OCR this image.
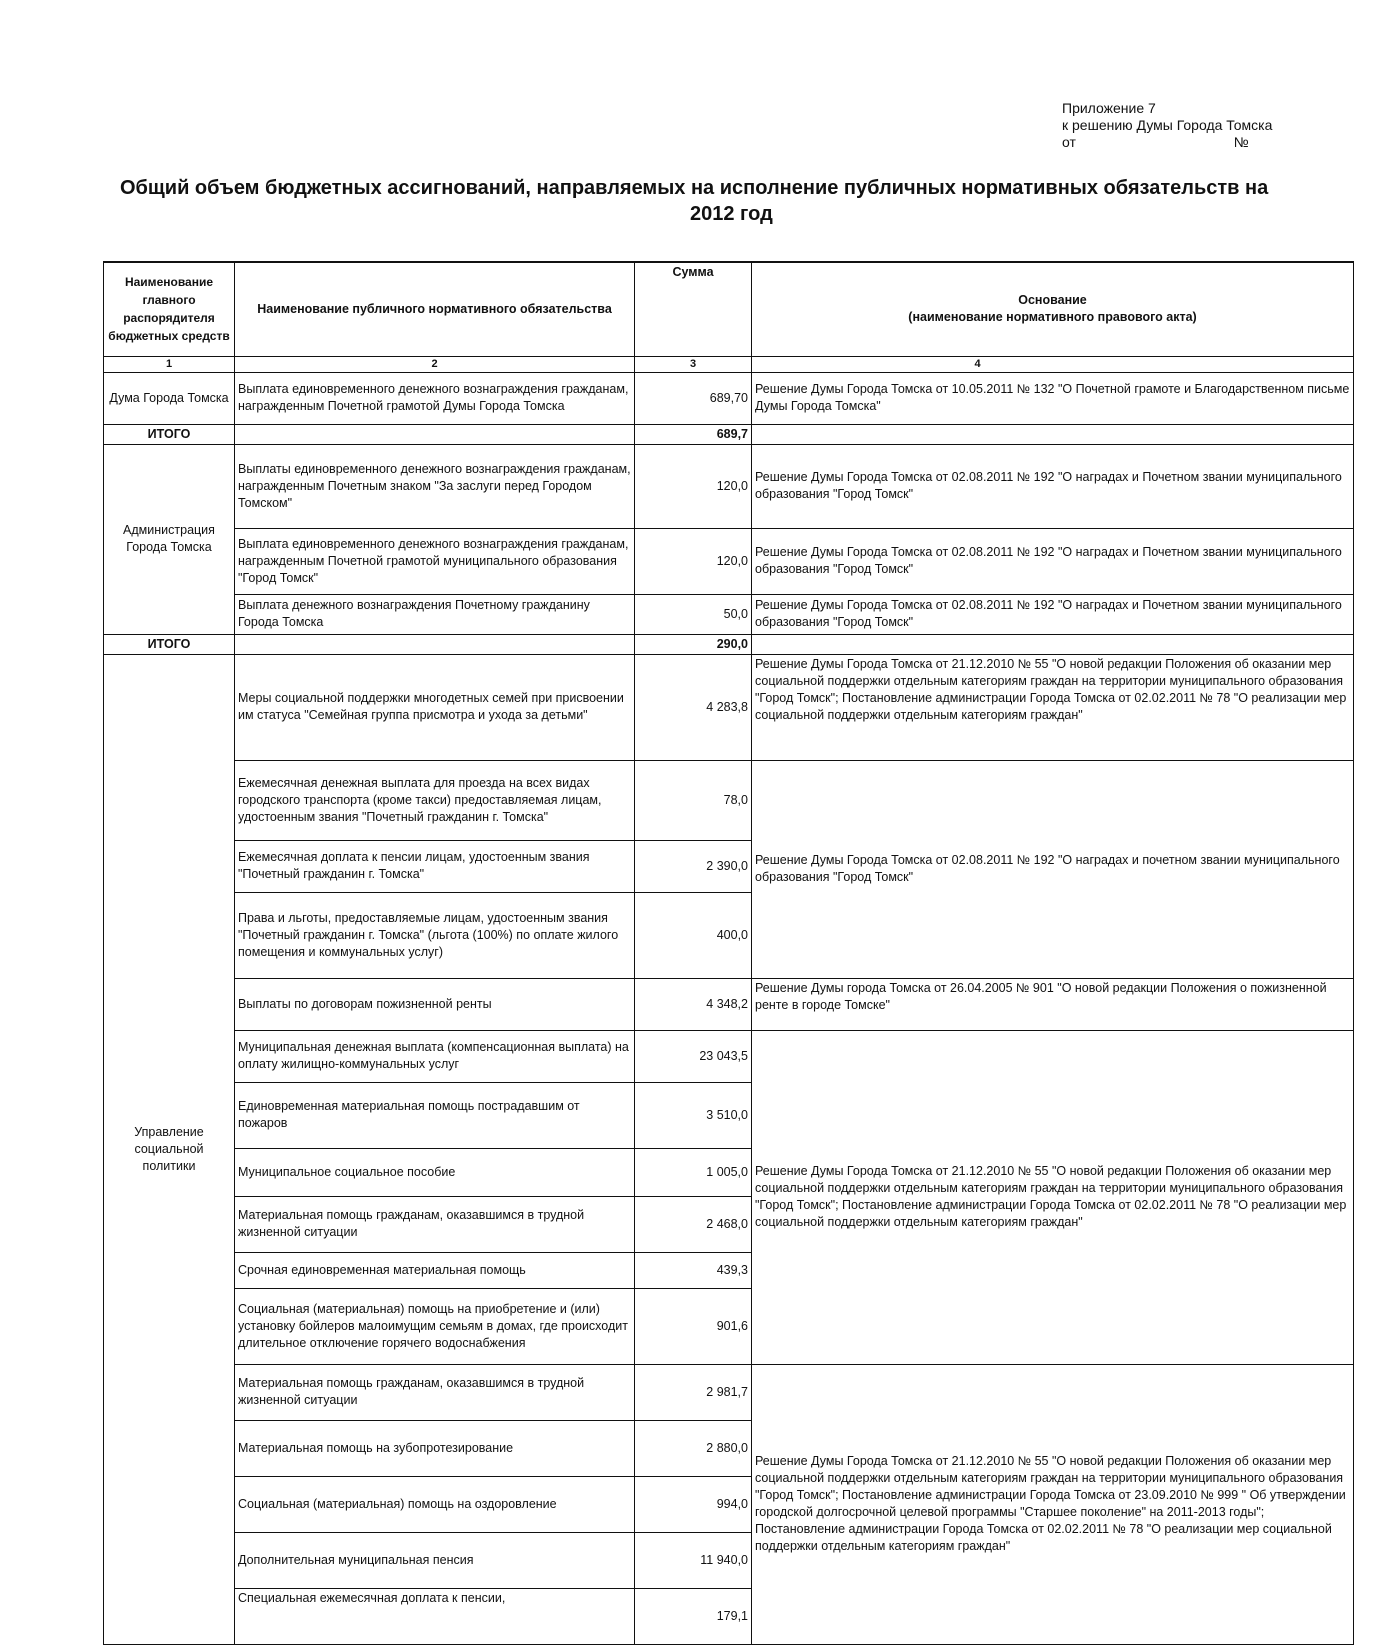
Приложение 7
к решению Думы Города Томска
от	№
Общий объем бюджетных ассигнований, направляемых на исполнение публичных нормативных обязательств на
2012 год
Наименование главного распорядителя бюджетных средств	Наименование публичного нормативного обязательства	Сумма	Основание
(наименование нормативного правового акта)

1	2	3	4
Дума Города Томска	Выплата единовременного денежного вознаграждения гражданам, награжденным Почетной грамотой Думы Города Томска	689,70	Решение Думы Города Томска от 10.05.2011 № 132 "О Почетной грамоте и Благодарственном письме Думы Города Томска"
ИТОГО		689,7	
Администрация Города Томска	Выплаты единовременного денежного вознаграждения гражданам, награжденным Почетным знаком "За заслуги перед Городом Томском"	120,0	Решение Думы Города Томска от 02.08.2011 № 192 "О наградах и Почетном звании муниципального образования "Город Томск"
	Выплата единовременного денежного вознаграждения гражданам, награжденным Почетной грамотой муниципального образования "Город Томск"	120,0	Решение Думы Города Томска от 02.08.2011 № 192 "О наградах и Почетном звании муниципального образования "Город Томск"
	Выплата денежного вознаграждения Почетному гражданину Города Томска	50,0	Решение Думы Города Томска от 02.08.2011 № 192 "О наградах и Почетном звании муниципального образования "Город Томск"
ИТОГО		290,0	
Управление социальной политики	Меры социальной поддержки многодетных семей при присвоении им статуса "Семейная группа присмотра и ухода за детьми"	4 283,8	Решение Думы Города Томска от 21.12.2010 № 55 "О новой редакции Положения об оказании мер социальной поддержки отдельным категориям граждан на территории муниципального образования "Город Томск"; Постановление администрации Города Томска от 02.02.2011 № 78 "О реализации мер социальной поддержки отдельным категориям граждан"
	Ежемесячная денежная выплата для проезда на всех видах городского транспорта (кроме такси) предоставляемая лицам, удостоенным звания "Почетный гражданин г. Томска"	78,0	Решение Думы Города Томска от 02.08.2011 № 192 "О наградах и почетном звании муниципального образования "Город Томск"
	Ежемесячная доплата к пенсии лицам, удостоенным звания "Почетный гражданин г. Томска"	2 390,0	
	Права и льготы, предоставляемые лицам, удостоенным звания "Почетный гражданин г. Томска" (льгота (100%) по оплате жилого помещения и коммунальных услуг)	400,0	
	Выплаты по договорам пожизненной ренты	4 348,2	Решение Думы города Томска от 26.04.2005 № 901 "О новой редакции Положения о пожизненной ренте в городе Томске"
	Муниципальная денежная выплата (компенсационная выплата) на оплату жилищно-коммунальных услуг	23 043,5	Решение Думы Города Томска от 21.12.2010 № 55 "О новой редакции Положения об оказании мер социальной поддержки отдельным категориям граждан на территории муниципального образования "Город Томск"; Постановление администрации Города Томска от 02.02.2011 № 78 "О реализации мер социальной поддержки отдельным категориям граждан"
	Единовременная материальная помощь пострадавшим от пожаров	3 510,0	
	Муниципальное социальное пособие	1 005,0	
	Материальная помощь гражданам, оказавшимся в трудной жизненной ситуации	2 468,0	
	Срочная единовременная материальная помощь	439,3	
	Социальная (материальная) помощь на приобретение и (или) установку бойлеров малоимущим семьям в домах, где происходит длительное отключение горячего водоснабжения	901,6	
	Материальная помощь гражданам, оказавшимся в трудной жизненной ситуации	2 981,7	Решение Думы Города Томска от 21.12.2010 № 55 "О новой редакции Положения об оказании мер социальной поддержки отдельным категориям граждан на территории муниципального образования "Город Томск"; Постановление администрации Города Томска от 23.09.2010 № 999 " Об утверждении городской долгосрочной целевой программы "Старшее поколение" на 2011-2013 годы"; Постановление администрации Города Томска от 02.02.2011 № 78 "О реализации мер социальной поддержки отдельным категориям граждан"
	Материальная помощь на зубопротезирование	2 880,0	
	Социальная (материальная) помощь на оздоровление	994,0	
	Дополнительная муниципальная пенсия	11 940,0	
	Специальная ежемесячная доплата к пенсии,	179,1	
